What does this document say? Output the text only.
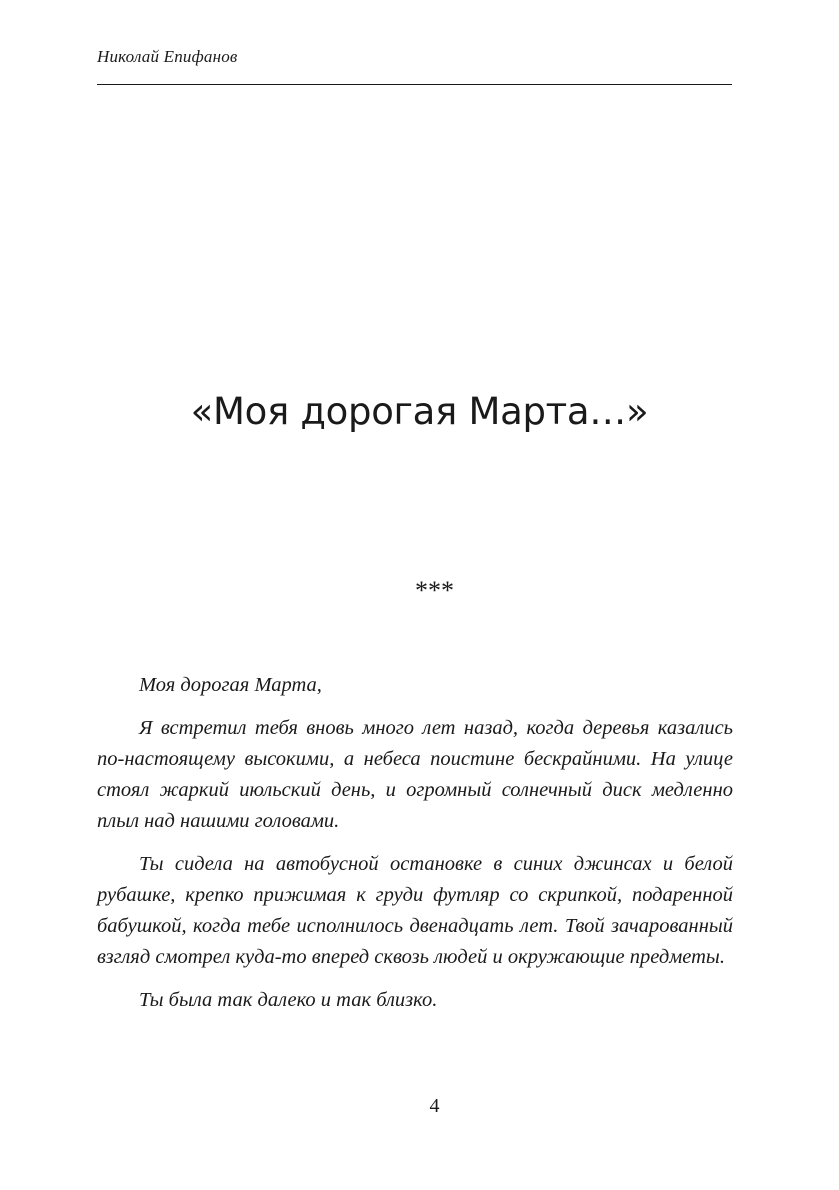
Николай Епифанов
«Моя дорогая Марта…»
***

Моя дорогая Марта,

Я встретил тебя вновь много лет назад, когда деревья казались по-настоящему высокими, а небеса поистине бескрайними. На улице стоял жаркий июльский день, и огромный солнечный диск медленно плыл над нашими головами.

Ты сидела на автобусной остановке в синих джинсах и белой рубашке, крепко прижимая к груди футляр со скрипкой, подаренной бабушкой, когда тебе исполнилось двенадцать лет. Твой зачарованный взгляд смотрел куда-то вперед сквозь людей и окружающие предметы.

Ты была так далеко и так близко.

4
